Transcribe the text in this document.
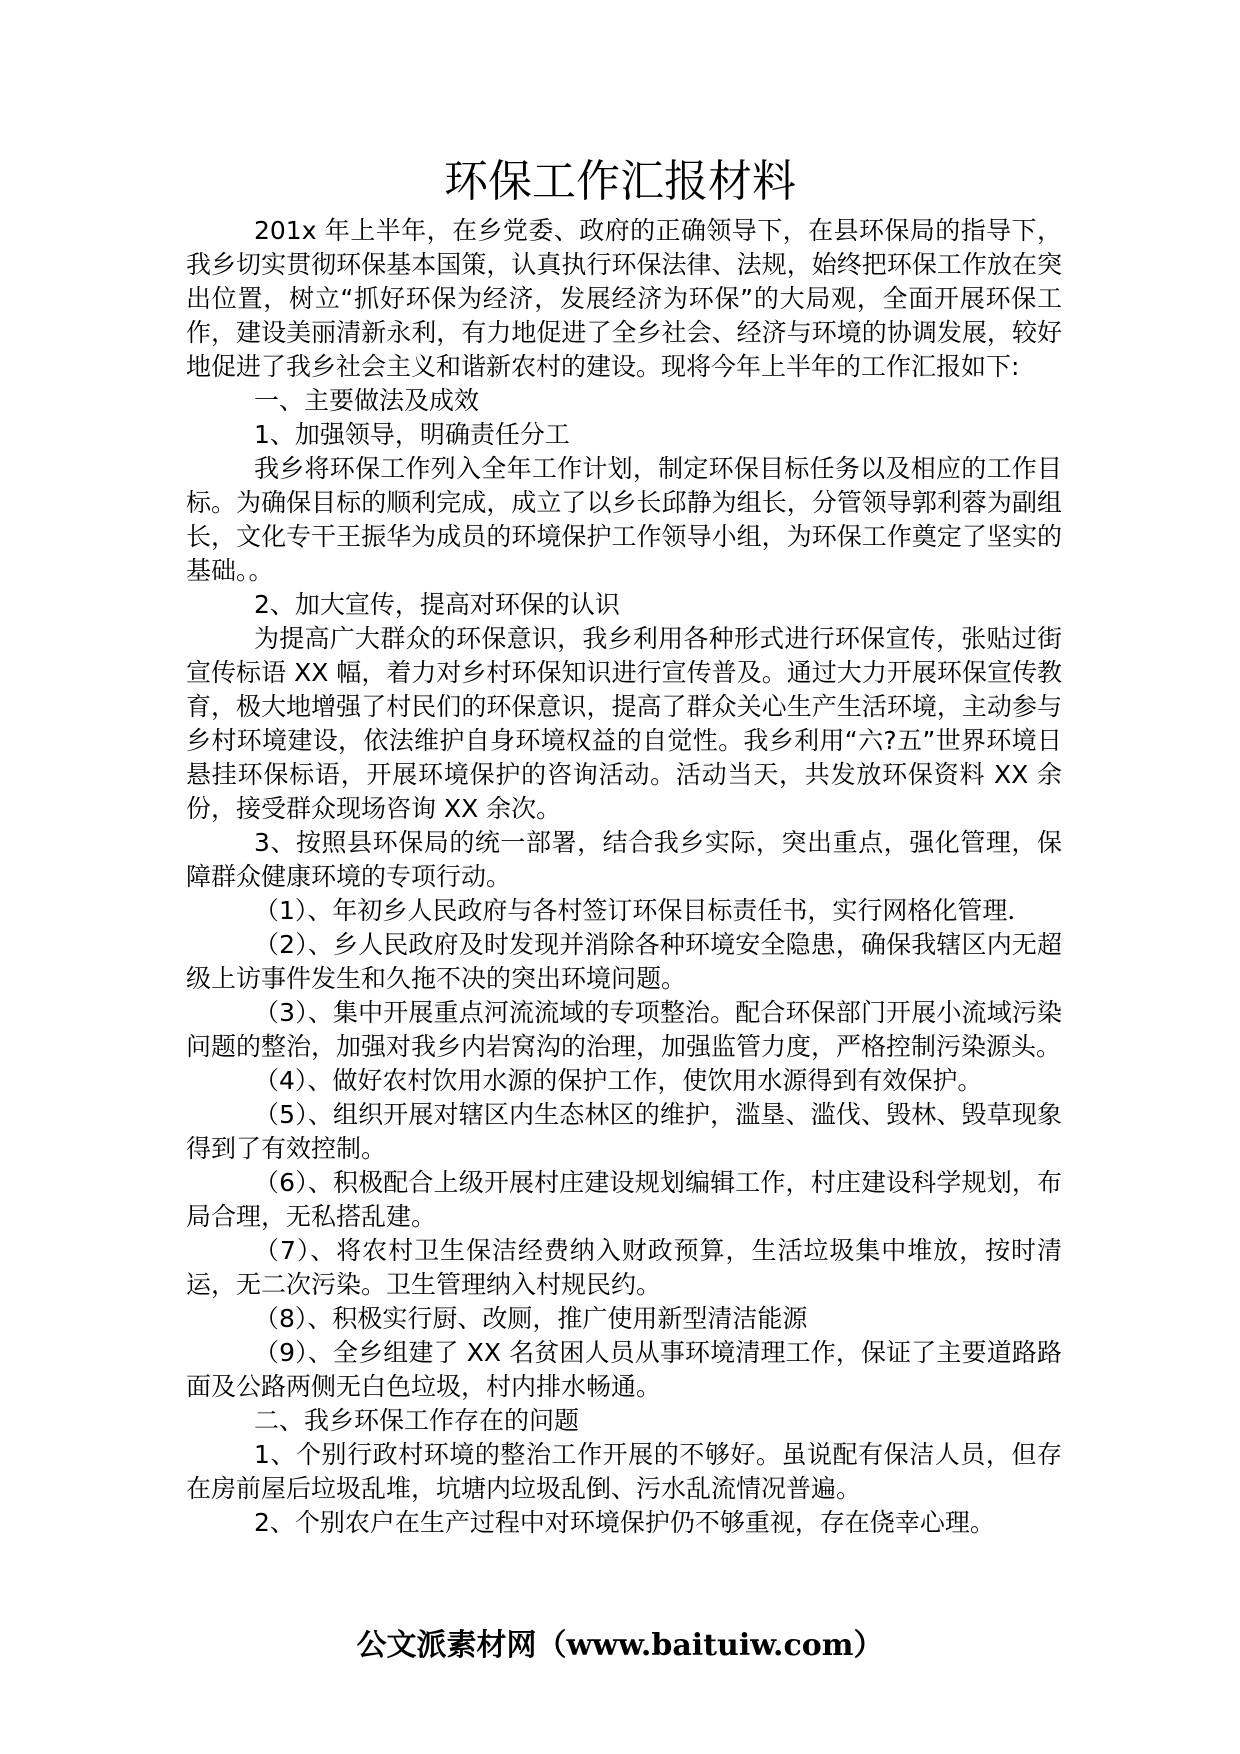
环保工作汇报材料

201x 年上半年，在乡党委、政府的正确领导下，在县环保局的指导下，我乡切实贯彻环保基本国策，认真执行环保法律、法规，始终把环保工作放在突出位置，树立“抓好环保为经济，发展经济为环保”的大局观，全面开展环保工作，建设美丽清新永利，有力地促进了全乡社会、经济与环境的协调发展，较好地促进了我乡社会主义和谐新农村的建设。现将今年上半年的工作汇报如下:

一、主要做法及成效

1、加强领导，明确责任分工

我乡将环保工作列入全年工作计划，制定环保目标任务以及相应的工作目标。为确保目标的顺利完成，成立了以乡长邱静为组长，分管领导郭利蓉为副组长，文化专干王振华为成员的环境保护工作领导小组，为环保工作奠定了坚实的基础。。

2、加大宣传，提高对环保的认识

为提高广大群众的环保意识，我乡利用各种形式进行环保宣传，张贴过街宣传标语 XX 幅，着力对乡村环保知识进行宣传普及。通过大力开展环保宣传教育，极大地增强了村民们的环保意识，提高了群众关心生产生活环境，主动参与乡村环境建设，依法维护自身环境权益的自觉性。我乡利用“六?五”世界环境日悬挂环保标语，开展环境保护的咨询活动。活动当天，共发放环保资料 XX 余份，接受群众现场咨询 XX 余次。

3、按照县环保局的统一部署，结合我乡实际，突出重点，强化管理，保障群众健康环境的专项行动。

（1）、年初乡人民政府与各村签订环保目标责任书，实行网格化管理．

（2）、乡人民政府及时发现并消除各种环境安全隐患，确保我辖区内无超级上访事件发生和久拖不决的突出环境问题。

（3）、集中开展重点河流流域的专项整治。配合环保部门开展小流域污染问题的整治，加强对我乡内岩窝沟的治理，加强监管力度，严格控制污染源头。

（4）、做好农村饮用水源的保护工作，使饮用水源得到有效保护。

（5）、组织开展对辖区内生态林区的维护，滥垦、滥伐、毁林、毁草现象得到了有效控制。

（6）、积极配合上级开展村庄建设规划编辑工作，村庄建设科学规划，布局合理，无私搭乱建。

（7）、将农村卫生保洁经费纳入财政预算，生活垃圾集中堆放，按时清运，无二次污染。卫生管理纳入村规民约。

（8）、积极实行厨、改厕，推广使用新型清洁能源

（9）、全乡组建了 XX 名贫困人员从事环境清理工作，保证了主要道路路面及公路两侧无白色垃圾，村内排水畅通。

二、我乡环保工作存在的问题

1、个别行政村环境的整治工作开展的不够好。虽说配有保洁人员，但存在房前屋后垃圾乱堆，坑塘内垃圾乱倒、污水乱流情况普遍。

2、个别农户在生产过程中对环境保护仍不够重视，存在侥幸心理。

公文派素材网（www.baituiw.com）
